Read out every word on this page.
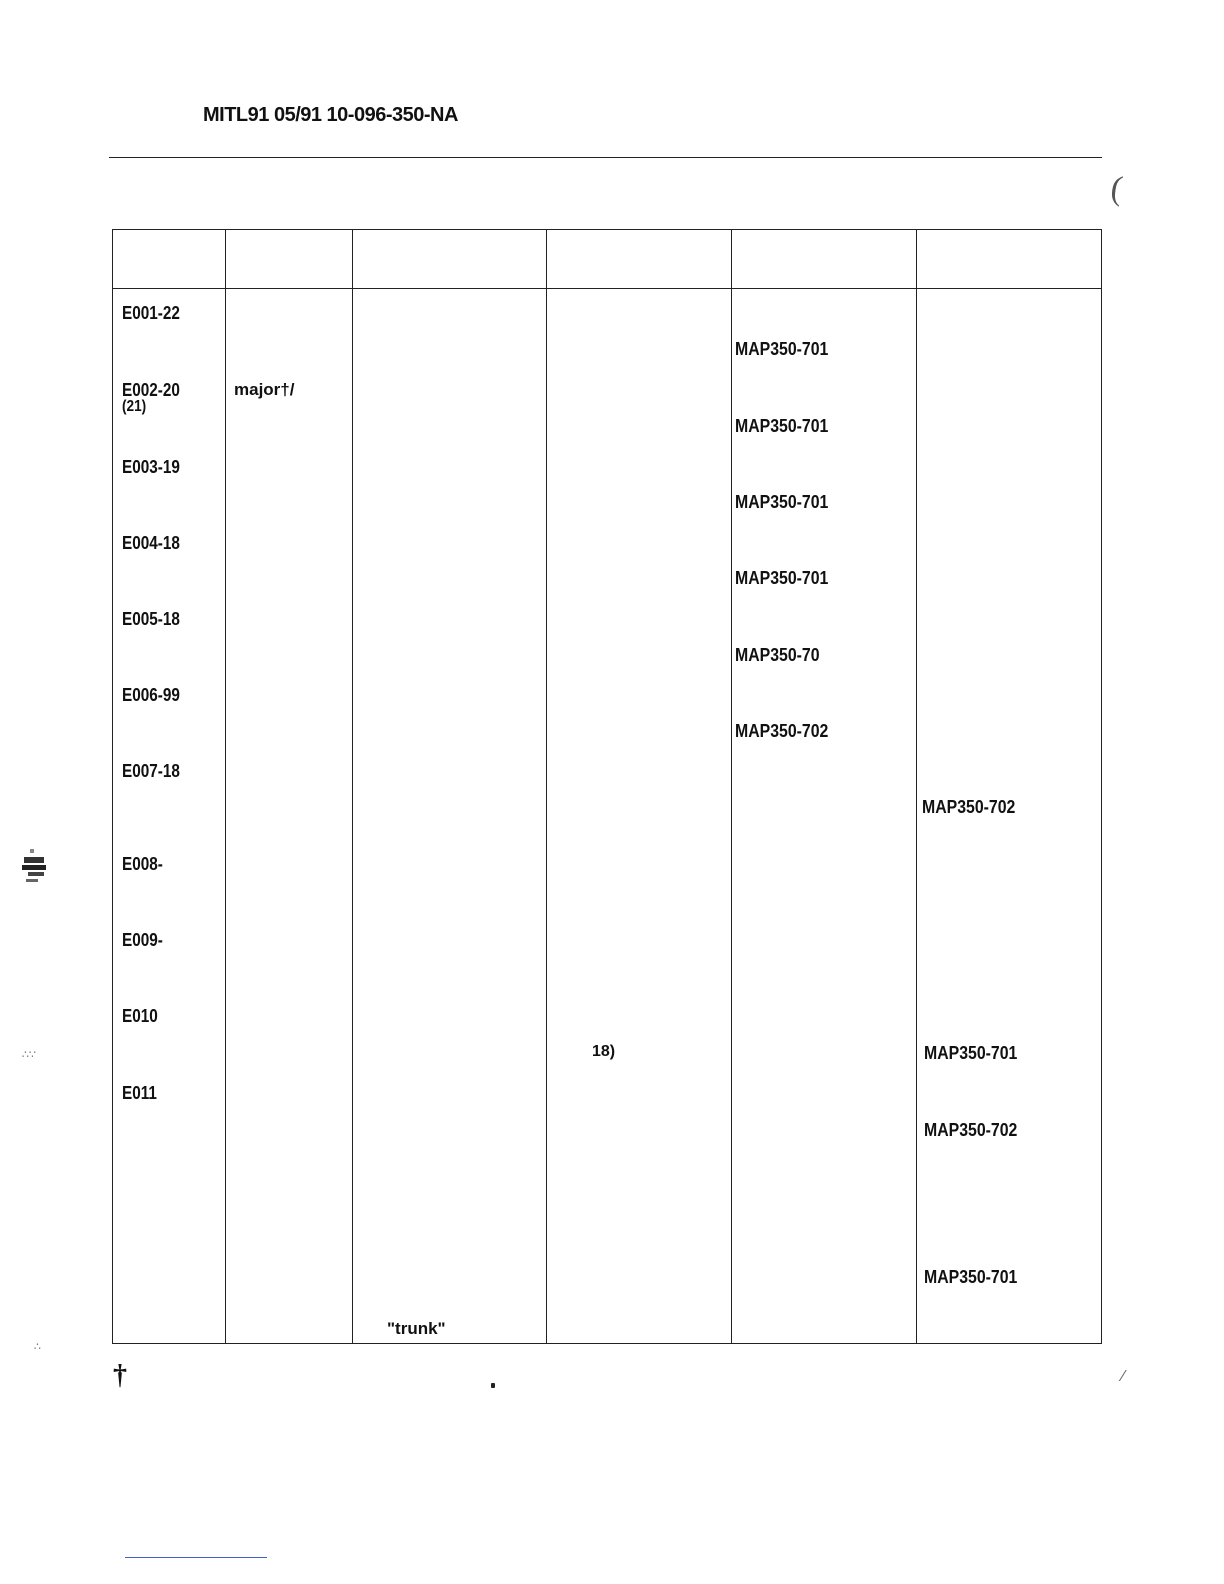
MITL91 05/91 10-096-350-NA
(
E001-22
E002-20
(21)
E003-19
E004-18
E005-18
E006-99
E007-18
E008-
E009-
E010
E011
major†/
"trunk"
18)
MAP350-701
MAP350-701
MAP350-701
MAP350-701
MAP350-70
MAP350-702
MAP350-702
MAP350-701
MAP350-702
MAP350-701
†
∴∵
∴
⁄
